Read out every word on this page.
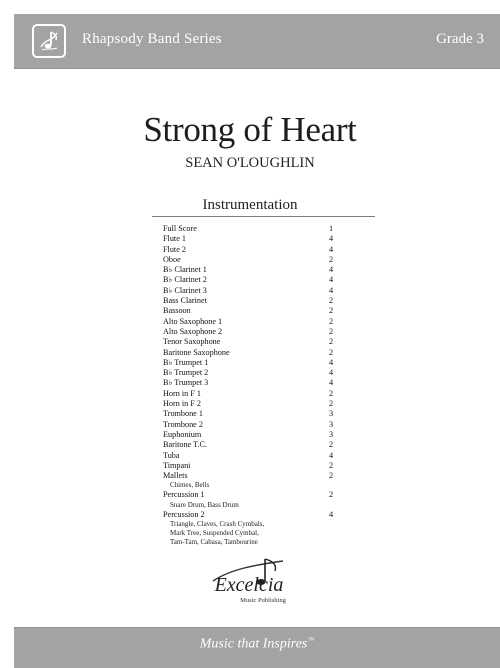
Rhapsody Band Series	Grade 3
Strong of Heart
SEAN O'LOUGHLIN
Instrumentation
Full Score	1
Flute 1	4
Flute 2	4
Oboe	2
B♭ Clarinet 1	4
B♭ Clarinet 2	4
B♭ Clarinet 3	4
Bass Clarinet	2
Bassoon	2
Alto Saxophone 1	2
Alto Saxophone 2	2
Tenor Saxophone	2
Baritone Saxophone	2
B♭ Trumpet 1	4
B♭ Trumpet 2	4
B♭ Trumpet 3	4
Horn in F 1	2
Horn in F 2	2
Trombone 1	3
Trombone 2	3
Euphonium	3
Baritone T.C.	2
Tuba	4
Timpani	2
Mallets	2
Chimes, Bells
Percussion 1	2
Snare Drum, Bass Drum
Percussion 2	4
Triangle, Claves, Crash Cymbals,
Mark Tree, Suspended Cymbal,
Tam-Tam, Cabasa, Tambourine
Excelcia
Music Publishing
Music that Inspires™
